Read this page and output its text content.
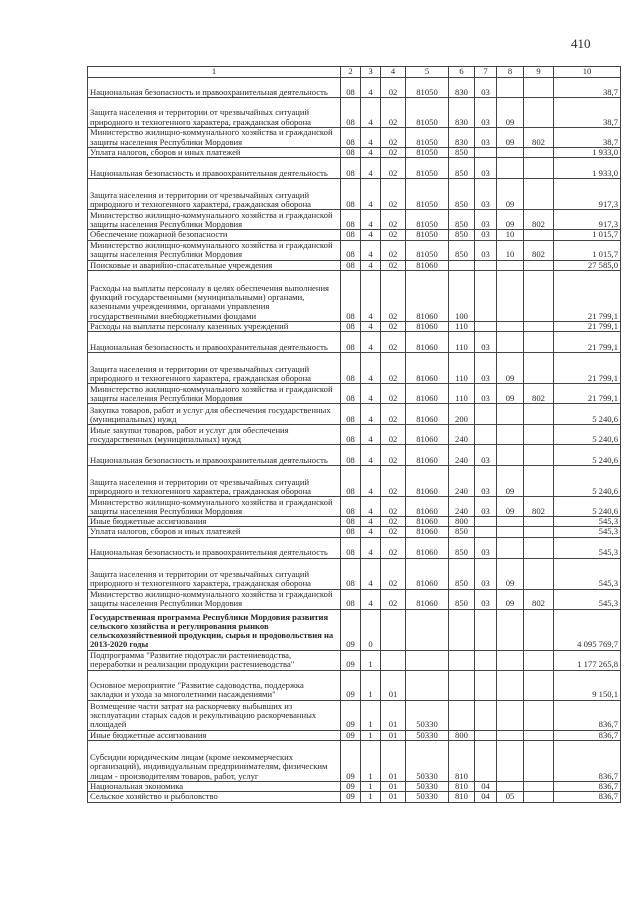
410
1	2	3	4	5	6	7	8	9	10
Национальная безопасность и правоохранительная деятельность	08	4	02	81050	830	03			38,7
Защита населения и территории от чрезвычайных ситуаций природного и техногенного характера, гражданская оборона	08	4	02	81050	830	03	09		38,7
Министерство жилищно-коммунального хозяйства и гражданской защиты населения Республики Мордовия	08	4	02	81050	830	03	09	802	38,7
Уплата налогов, сборов и иных платежей	08	4	02	81050	850				1 933,0
Национальная безопасность и правоохранительная деятельность	08	4	02	81050	850	03			1 933,0
Защита населения и территории от чрезвычайных ситуаций природного и техногенного характера, гражданская оборона	08	4	02	81050	850	03	09		917,3
Министерство жилищно-коммунального хозяйства и гражданской защиты населения Республики Мордовия	08	4	02	81050	850	03	09	802	917,3
Обеспечение пожарной безопасности	08	4	02	81050	850	03	10		1 015,7
Министерство жилищно-коммунального хозяйства и гражданской защиты населения Республики Мордовия	08	4	02	81050	850	03	10	802	1 015,7
Поисковые и аварийно-спасательные учреждения	08	4	02	81060					27 585,0
Расходы на выплаты персоналу в целях обеспечения выполнения функций государственными (муниципальными) органами, казенными учреждениями, органами управления государственными внебюджетными фондами	08	4	02	81060	100				21 799,1
Расходы на выплаты персоналу казенных учреждений	08	4	02	81060	110				21 799,1
Национальная безопасность и правоохранительная деятельность	08	4	02	81060	110	03			21 799,1
Защита населения и территории от чрезвычайных ситуаций природного и техногенного характера, гражданская оборона	08	4	02	81060	110	03	09		21 799,1
Министерство жилищно-коммунального хозяйства и гражданской защиты населения Республики Мордовия	08	4	02	81060	110	03	09	802	21 799,1
Закупка товаров, работ и услуг для обеспечения государственных (муниципальных) нужд	08	4	02	81060	200				5 240,6
Иные закупки товаров, работ и услуг для обеспечения государственных (муниципальных) нужд	08	4	02	81060	240				5 240,6
Национальная безопасность и правоохранительная деятельность	08	4	02	81060	240	03			5 240,6
Защита населения и территории от чрезвычайных ситуаций природного и техногенного характера, гражданская оборона	08	4	02	81060	240	03	09		5 240,6
Министерство жилищно-коммунального хозяйства и гражданской защиты населения Республики Мордовия	08	4	02	81060	240	03	09	802	5 240,6
Иные бюджетные ассигнования	08	4	02	81060	800				545,3
Уплата налогов, сборов и иных платежей	08	4	02	81060	850				545,3
Национальная безопасность и правоохранительная деятельность	08	4	02	81060	850	03			545,3
Защита населения и территории от чрезвычайных ситуаций природного и техногенного характера, гражданская оборона	08	4	02	81060	850	03	09		545,3
Министерство жилищно-коммунального хозяйства и гражданской защиты населения Республики Мордовия	08	4	02	81060	850	03	09	802	545,3
Государственная программа Республики Мордовия развития сельского хозяйства и регулирования рынков сельскохозяйственной продукции, сырья и продовольствия на 2013-2020 годы	09	0							4 095 769,7
Подпрограмма "Развитие подотрасли растениеводства, переработки и реализации продукции растениеводства"	09	1							1 177 265,8
Основное мероприятие "Развитие садоводства, поддержка закладки и ухода за многолетними насаждениями"	09	1	01						9 150,1
Возмещение части затрат на раскорчевку выбывших из эксплуатации старых садов и рекультивацию раскорчеванных площадей	09	1	01	50330					836,7
Иные бюджетные ассигнования	09	1	01	50330	800				836,7
Субсидии юридическим лицам (кроме некоммерческих организаций), индивидуальным предпринимателям, физическим лицам - производителям товаров, работ, услуг	09	1	01	50330	810				836,7
Национальная экономика	09	1	01	50330	810	04			836,7
Сельское хозяйство и рыболовство	09	1	01	50330	810	04	05		836,7
